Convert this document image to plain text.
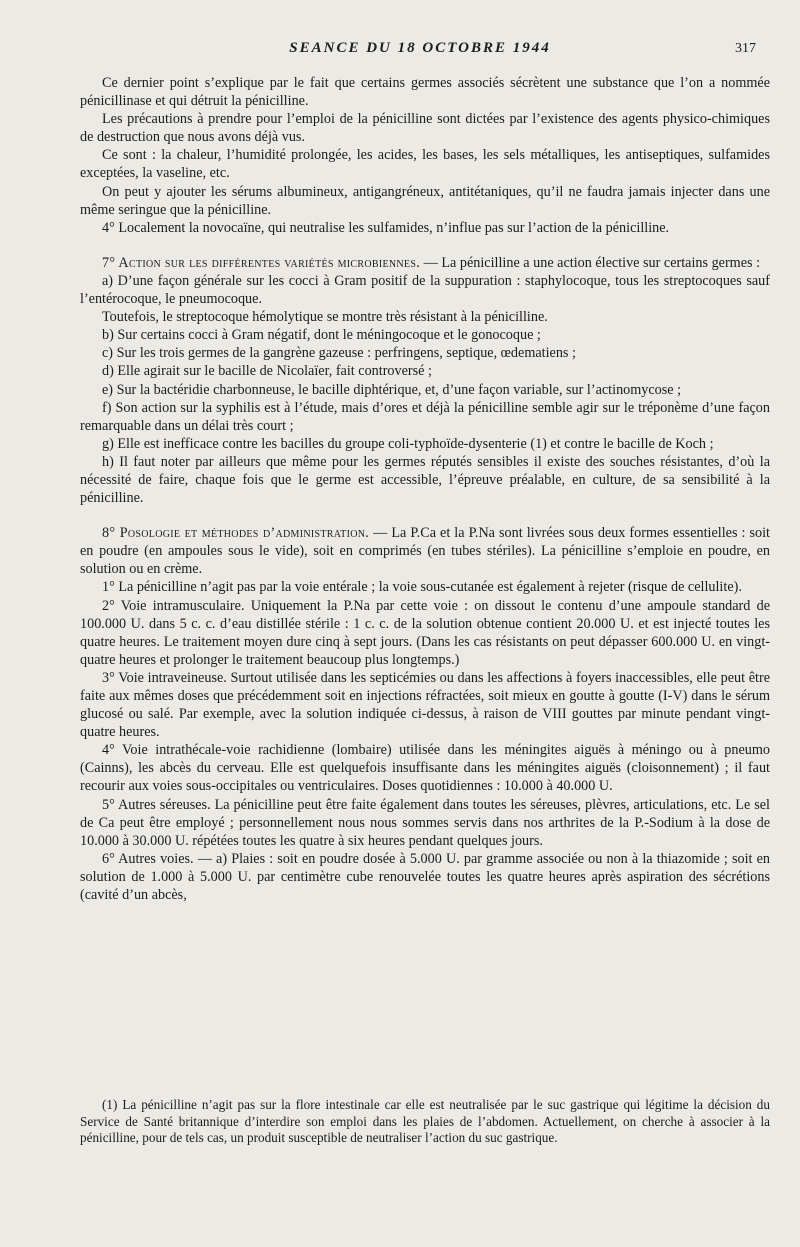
SEANCE DU 18 OCTOBRE 1944	317

Ce dernier point s’explique par le fait que certains germes associés sécrètent une substance que l’on a nommée pénicillinase et qui détruit la pénicilline.

Les précautions à prendre pour l’emploi de la pénicilline sont dictées par l’existence des agents physico-chimiques de destruction que nous avons déjà vus.

Ce sont : la chaleur, l’humidité prolongée, les acides, les bases, les sels métalliques, les antiseptiques, sulfamides exceptées, la vaseline, etc.

On peut y ajouter les sérums albumineux, antigangréneux, antitétaniques, qu’il ne faudra jamais injecter dans une même seringue que la pénicilline.

4° Localement la novocaïne, qui neutralise les sulfamides, n’influe pas sur l’action de la pénicilline.

7° Action sur les différentes variétés microbiennes. — La pénicilline a une action élective sur certains germes :

a) D’une façon générale sur les cocci à Gram positif de la suppuration : staphylocoque, tous les streptocoques sauf l’entérocoque, le pneumocoque.

Toutefois, le streptocoque hémolytique se montre très résistant à la pénicilline.

b) Sur certains cocci à Gram négatif, dont le méningocoque et le gonocoque ;

c) Sur les trois germes de la gangrène gazeuse : perfringens, septique, œdematiens ;

d) Elle agirait sur le bacille de Nicolaïer, fait controversé ;

e) Sur la bactéridie charbonneuse, le bacille diphtérique, et, d’une façon variable, sur l’actinomycose ;

f) Son action sur la syphilis est à l’étude, mais d’ores et déjà la pénicilline semble agir sur le tréponème d’une façon remarquable dans un délai très court ;

g) Elle est inefficace contre les bacilles du groupe coli-typhoïde-dysenterie (1) et contre le bacille de Koch ;

h) Il faut noter par ailleurs que même pour les germes réputés sensibles il existe des souches résistantes, d’où la nécessité de faire, chaque fois que le germe est accessible, l’épreuve préalable, en culture, de sa sensibilité à la pénicilline.

8° Posologie et méthodes d’administration. — La P.Ca et la P.Na sont livrées sous deux formes essentielles : soit en poudre (en ampoules sous le vide), soit en comprimés (en tubes stériles). La pénicilline s’emploie en poudre, en solution ou en crème.

1° La pénicilline n’agit pas par la voie entérale ; la voie sous-cutanée est également à rejeter (risque de cellulite).

2° Voie intramusculaire. Uniquement la P.Na par cette voie : on dissout le contenu d’une ampoule standard de 100.000 U. dans 5 c. c. d’eau distillée stérile : 1 c. c. de la solution obtenue contient 20.000 U. et est injecté toutes les quatre heures. Le traitement moyen dure cinq à sept jours. (Dans les cas résistants on peut dépasser 600.000 U. en vingt-quatre heures et prolonger le traitement beaucoup plus longtemps.)

3° Voie intraveineuse. Surtout utilisée dans les septicémies ou dans les affections à foyers inaccessibles, elle peut être faite aux mêmes doses que précédemment soit en injections réfractées, soit mieux en goutte à goutte (I-V) dans le sérum glucosé ou salé. Par exemple, avec la solution indiquée ci-dessus, à raison de VIII gouttes par minute pendant vingt-quatre heures.

4° Voie intrathécale-voie rachidienne (lombaire) utilisée dans les méningites aiguës à méningo ou à pneumo (Cainns), les abcès du cerveau. Elle est quelquefois insuffisante dans les méningites aiguës (cloisonnement) ; il faut recourir aux voies sous-occipitales ou ventriculaires. Doses quotidiennes : 10.000 à 40.000 U.

5° Autres séreuses. La pénicilline peut être faite également dans toutes les séreuses, plèvres, articulations, etc. Le sel de Ca peut être employé ; personnellement nous nous sommes servis dans nos arthrites de la P.-Sodium à la dose de 10.000 à 30.000 U. répétées toutes les quatre à six heures pendant quelques jours.

6° Autres voies. — a) Plaies : soit en poudre dosée à 5.000 U. par gramme associée ou non à la thiazomide ; soit en solution de 1.000 à 5.000 U. par centimètre cube renouvelée toutes les quatre heures après aspiration des sécrétions (cavité d’un abcès,

(1) La pénicilline n’agit pas sur la flore intestinale car elle est neutralisée par le suc gastrique qui légitime la décision du Service de Santé britannique d’interdire son emploi dans les plaies de l’abdomen. Actuellement, on cherche à associer à la pénicilline, pour de tels cas, un produit susceptible de neutraliser l’action du suc gastrique.
